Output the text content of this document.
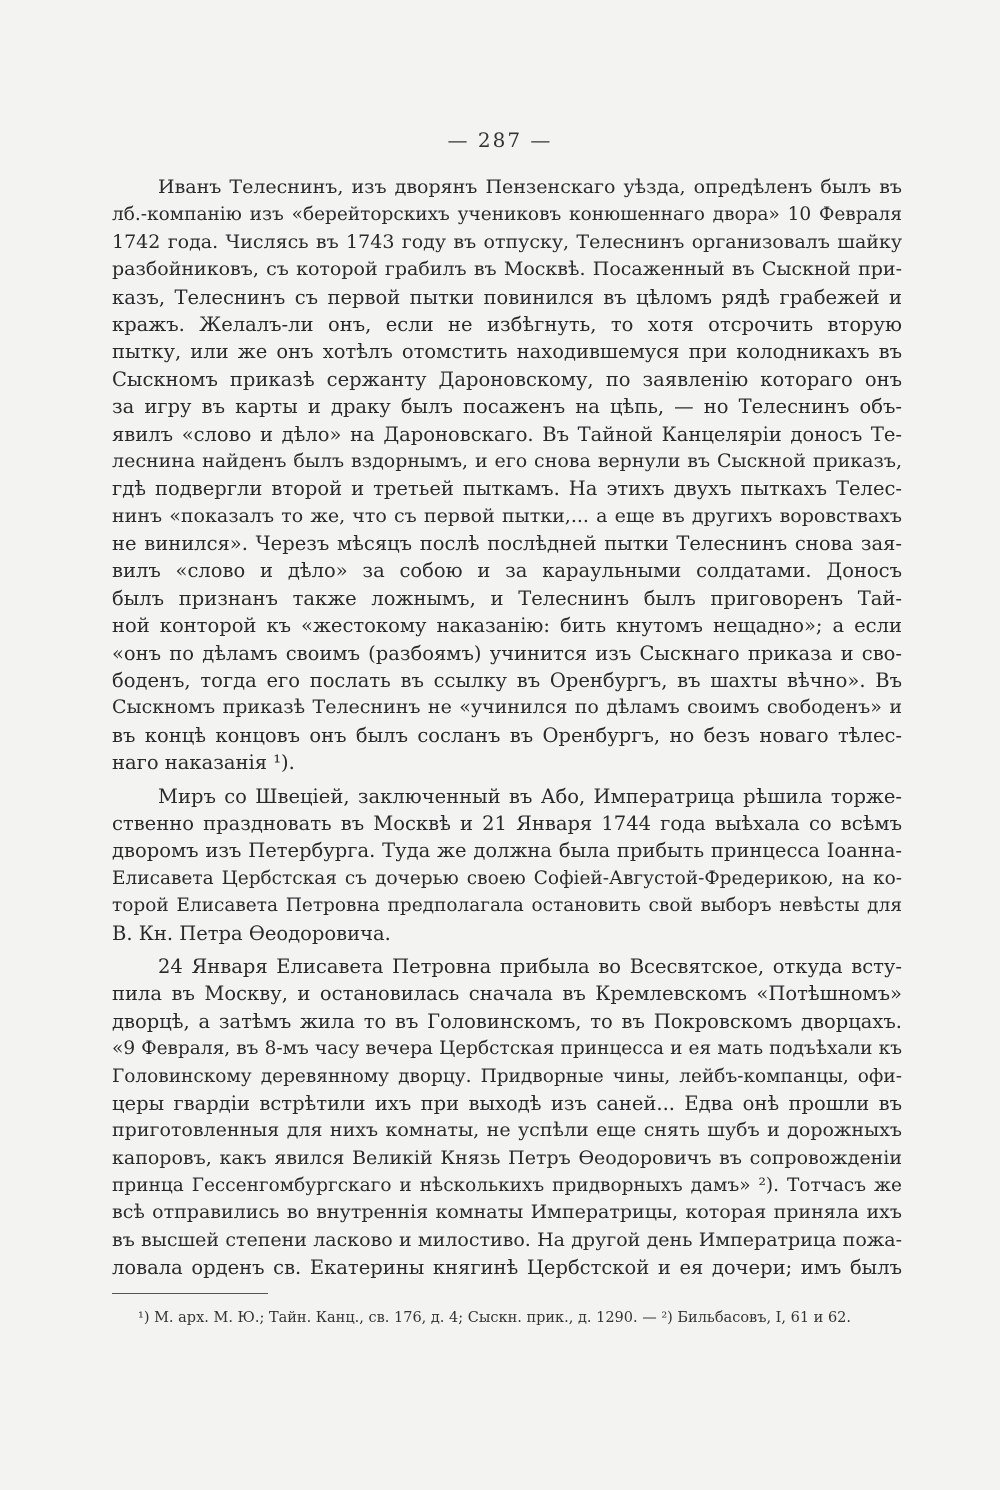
— 287 —
Иванъ Телеснинъ, изъ дворянъ Пензенскаго уѣзда, опредѣленъ былъ въ
лб.-компанію изъ «берейторскихъ учениковъ конюшеннаго двора» 10 Февраля
1742 года. Числясь въ 1743 году въ отпуску, Телеснинъ организовалъ шайку
разбойниковъ, съ которой грабилъ въ Москвѣ. Посаженный въ Сыскной при-
казъ, Телеснинъ съ первой пытки повинился въ цѣломъ рядѣ грабежей и
кражъ. Желалъ-ли онъ, если не избѣгнуть, то хотя отсрочить вторую
пытку, или же онъ хотѣлъ отомстить находившемуся при колодникахъ въ
Сыскномъ приказѣ сержанту Дароновскому, по заявленію котораго онъ
за игру въ карты и драку былъ посаженъ на цѣпь, — но Телеснинъ объ-
явилъ «слово и дѣло» на Дароновскаго. Въ Тайной Канцеляріи доносъ Те-
леснина найденъ былъ вздорнымъ, и его снова вернули въ Сыскной приказъ,
гдѣ подвергли второй и третьей пыткамъ. На этихъ двухъ пыткахъ Телес-
нинъ «показалъ то же, что съ первой пытки,... а еще въ другихъ воровствахъ
не винился». Черезъ мѣсяцъ послѣ послѣдней пытки Телеснинъ снова зая-
вилъ «слово и дѣло» за собою и за караульными солдатами. Доносъ
былъ признанъ также ложнымъ, и Телеснинъ былъ приговоренъ Тай-
ной конторой къ «жестокому наказанію: бить кнутомъ нещадно»; а если
«онъ по дѣламъ своимъ (разбоямъ) учинится изъ Сыскнаго приказа и сво-
боденъ, тогда его послать въ ссылку въ Оренбургъ, въ шахты вѣчно». Въ
Сыскномъ приказѣ Телеснинъ не «учинился по дѣламъ своимъ свободенъ» и
въ концѣ концовъ онъ былъ сосланъ въ Оренбургъ, но безъ новаго тѣлес-
наго наказанія ¹).
Миръ со Швеціей, заключенный въ Або, Императрица рѣшила торже-
ственно праздновать въ Москвѣ и 21 Января 1744 года выѣхала со всѣмъ
дворомъ изъ Петербурга. Туда же должна была прибыть принцесса Іоанна-
Елисавета Цербстская съ дочерью своею Софіей-Августой-Фредерикою, на ко-
торой Елисавета Петровна предполагала остановить свой выборъ невѣсты для
В. Кн. Петра Ѳеодоровича.
24 Января Елисавета Петровна прибыла во Всесвятское, откуда всту-
пила въ Москву, и остановилась сначала въ Кремлевскомъ «Потѣшномъ»
дворцѣ, а затѣмъ жила то въ Головинскомъ, то въ Покровскомъ дворцахъ.
«9 Февраля, въ 8-мъ часу вечера Цербстская принцесса и ея мать подъѣхали къ
Головинскому деревянному дворцу. Придворные чины, лейбъ-компанцы, офи-
церы гвардіи встрѣтили ихъ при выходѣ изъ саней... Едва онѣ прошли въ
приготовленныя для нихъ комнаты, не успѣли еще снять шубъ и дорожныхъ
капоровъ, какъ явился Великій Князь Петръ Ѳеодоровичъ въ сопровожденіи
принца Гессенгомбургскаго и нѣсколькихъ придворныхъ дамъ» ²). Тотчасъ же
всѣ отправились во внутреннія комнаты Императрицы, которая приняла ихъ
въ высшей степени ласково и милостиво. На другой день Императрица пожа-
ловала орденъ св. Екатерины княгинѣ Цербстской и ея дочери; имъ былъ
¹) М. арх. М. Ю.; Тайн. Канц., св. 176, д. 4; Сыскн. прик., д. 1290. — ²) Бильбасовъ, I, 61 и 62.
